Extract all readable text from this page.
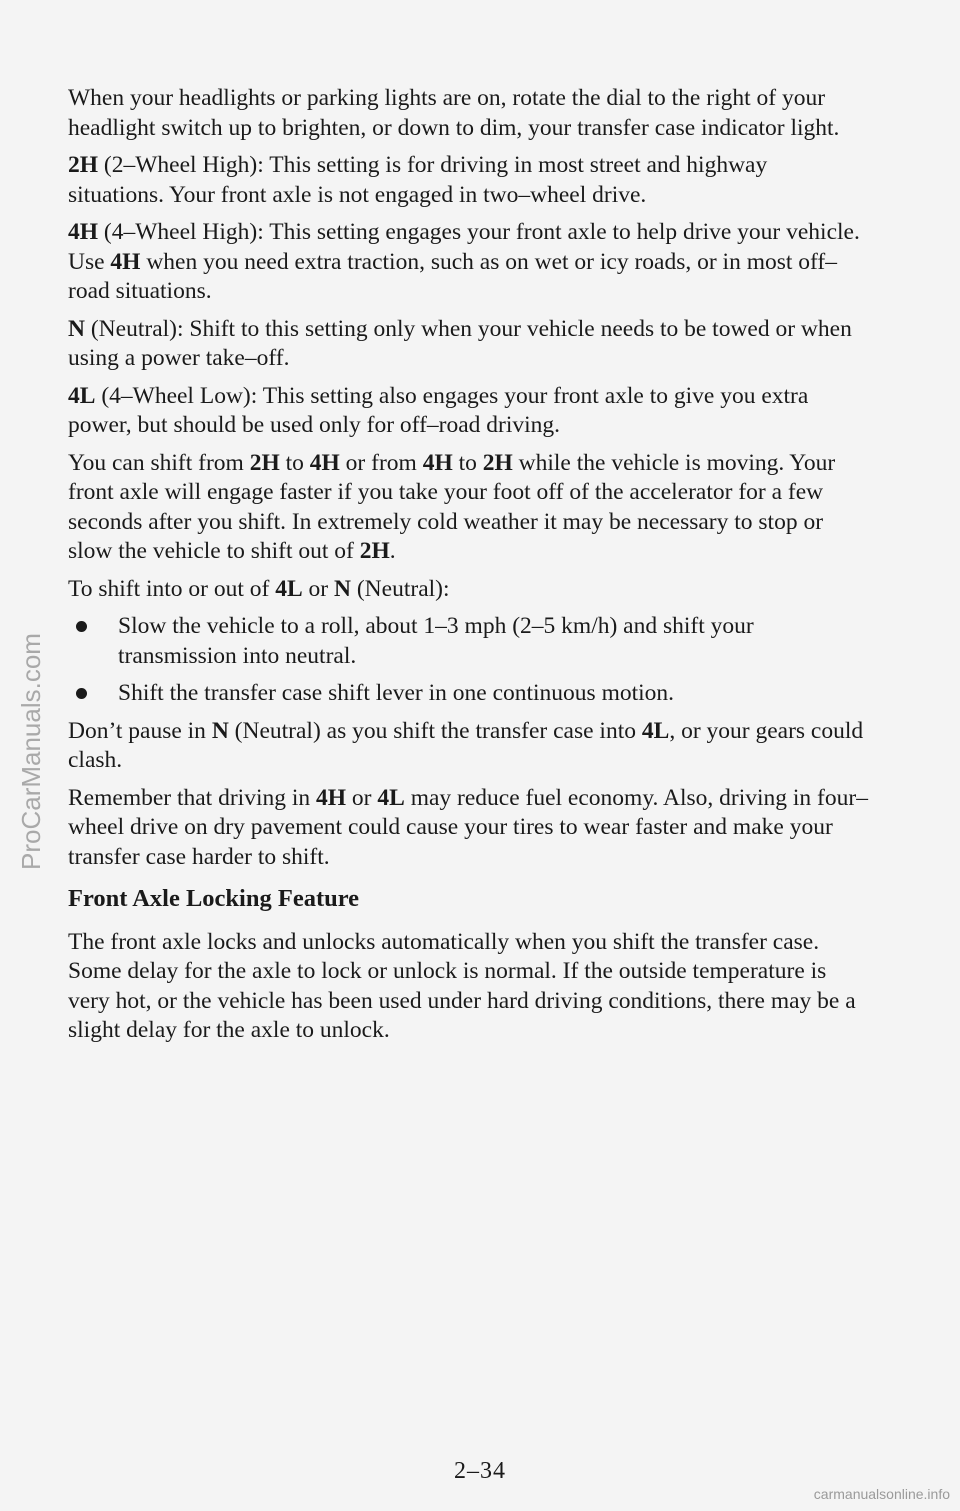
When your headlights or parking lights are on, rotate the dial to the right of your headlight switch up to brighten, or down to dim, your transfer case indicator light.

2H (2–Wheel High): This setting is for driving in most street and highway situations. Your front axle is not engaged in two–wheel drive.

4H (4–Wheel High): This setting engages your front axle to help drive your vehicle. Use 4H when you need extra traction, such as on wet or icy roads, or in most off–road situations.

N (Neutral): Shift to this setting only when your vehicle needs to be towed or when using a power take–off.

4L (4–Wheel Low): This setting also engages your front axle to give you extra power, but should be used only for off–road driving.

You can shift from 2H to 4H or from 4H to 2H while the vehicle is moving. Your front axle will engage faster if you take your foot off of the accelerator for a few seconds after you shift. In extremely cold weather it may be necessary to stop or slow the vehicle to shift out of 2H.

To shift into or out of 4L or N (Neutral):

Slow the vehicle to a roll, about 1–3 mph (2–5 km/h) and shift your transmission into neutral.
Shift the transfer case shift lever in one continuous motion.

Don’t pause in N (Neutral) as you shift the transfer case into 4L, or your gears could clash.

Remember that driving in 4H or 4L may reduce fuel economy. Also, driving in four–wheel drive on dry pavement could cause your tires to wear faster and make your transfer case harder to shift.

Front Axle Locking Feature

The front axle locks and unlocks automatically when you shift the transfer case. Some delay for the axle to lock or unlock is normal. If the outside temperature is very hot, or the vehicle has been used under hard driving conditions, there may be a slight delay for the axle to unlock.

2–34
ProCarManuals.com
carmanualsonline.info
